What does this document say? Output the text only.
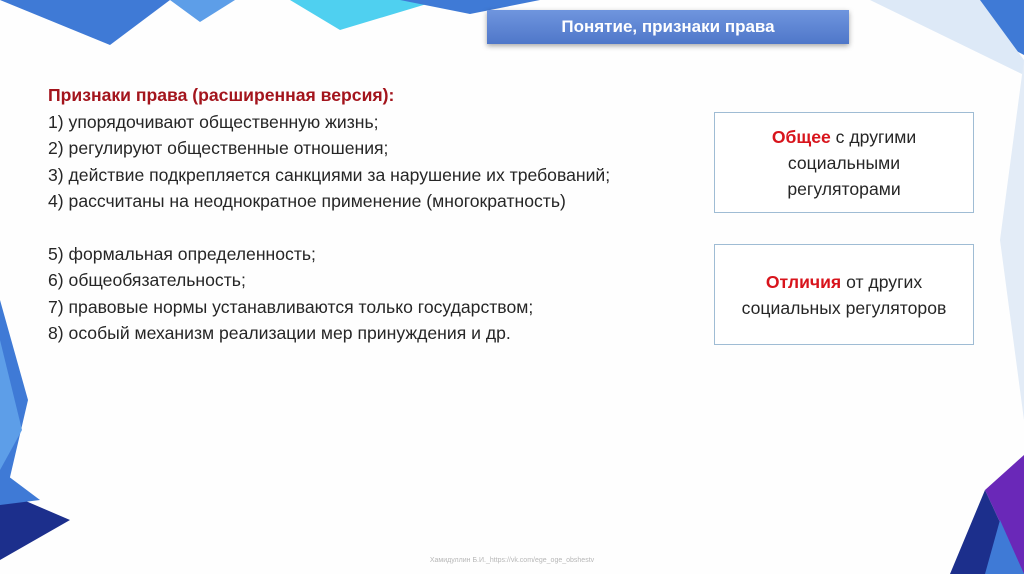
Понятие, признаки права

Признаки права (расширенная версия):

1) упорядочивают общественную жизнь;

2) регулируют общественные отношения;

3) действие подкрепляется санкциями за нарушение их требований;

4) рассчитаны на неоднократное применение (многократность)

5) формальная определенность;

6) общеобязательность;

7) правовые нормы устанавливаются только государством;

8) особый механизм реализации мер принуждения и др.

Общее с другими
социальными
регуляторами
Отличия от других
социальных регуляторов
Хамидуллин Б.И._https://vk.com/ege_oge_obshestv
